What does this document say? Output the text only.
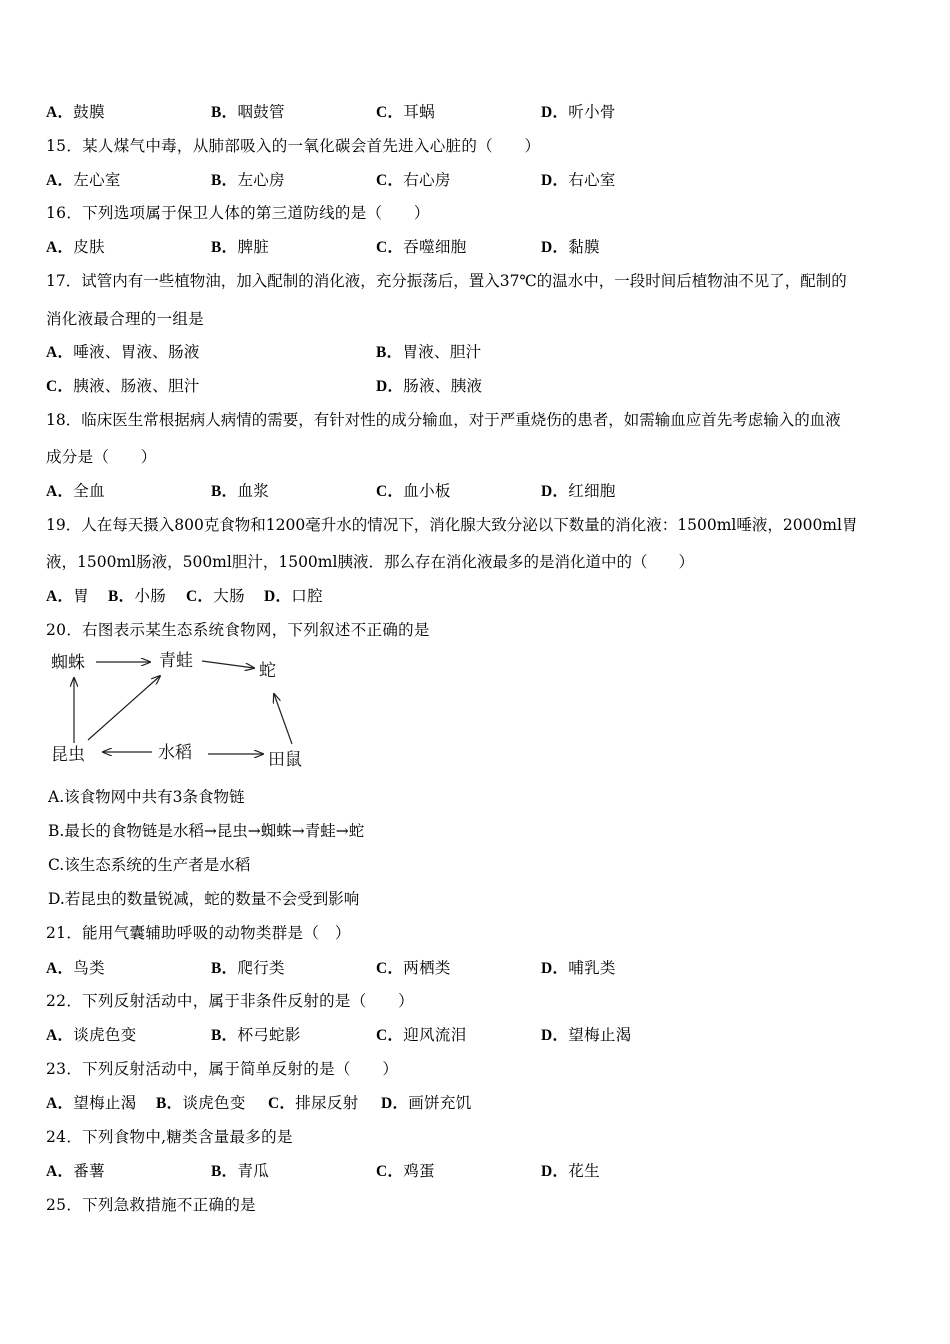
A．鼓膜	B．咽鼓管	C．耳蜗	D．听小骨
15．某人煤气中毒，从肺部吸入的一氧化碳会首先进入心脏的（　　）
A．左心室	B．左心房	C．右心房	D．右心室
16．下列选项属于保卫人体的第三道防线的是（　　）
A．皮肤	B．脾脏	C．吞噬细胞	D．黏膜
17．试管内有一些植物油，加入配制的消化液，充分振荡后，置入37℃的温水中，一段时间后植物油不见了，配制的
消化液最合理的一组是
A．唾液、胃液、肠液	B．胃液、胆汁
C．胰液、肠液、胆汁	D．肠液、胰液
18．临床医生常根据病人病情的需要，有针对性的成分输血，对于严重烧伤的患者，如需输血应首先考虑输入的血液
成分是（　　）
A．全血	B．血浆	C．血小板	D．红细胞
19．人在每天摄入800克食物和1200毫升水的情况下，消化腺大致分泌以下数量的消化液：1500ml唾液，2000ml胃
液，1500ml肠液，500ml胆汁，1500ml胰液．那么存在消化液最多的是消化道中的（　　）
A．胃 B．小肠 C．大肠 D．口腔
20．右图表示某生态系统食物网，下列叙述不正确的是
蜘蛛	青蛙	蛇
昆虫	水稻	田鼠
A.该食物网中共有3条食物链
B.最长的食物链是水稻→昆虫→蜘蛛→青蛙→蛇
C.该生态系统的生产者是水稻
D.若昆虫的数量锐减，蛇的数量不会受到影响
21．能用气囊辅助呼吸的动物类群是（　）
A．鸟类	B．爬行类	C．两栖类	D．哺乳类
22．下列反射活动中，属于非条件反射的是（　　）
A．谈虎色变	B．杯弓蛇影	C．迎风流泪	D．望梅止渴
23．下列反射活动中，属于简单反射的是（　　）
A．望梅止渴 B．谈虎色变 C．排尿反射 D．画饼充饥
24．下列食物中,糖类含量最多的是
A．番薯	B．青瓜	C．鸡蛋	D．花生
25．下列急救措施不正确的是
